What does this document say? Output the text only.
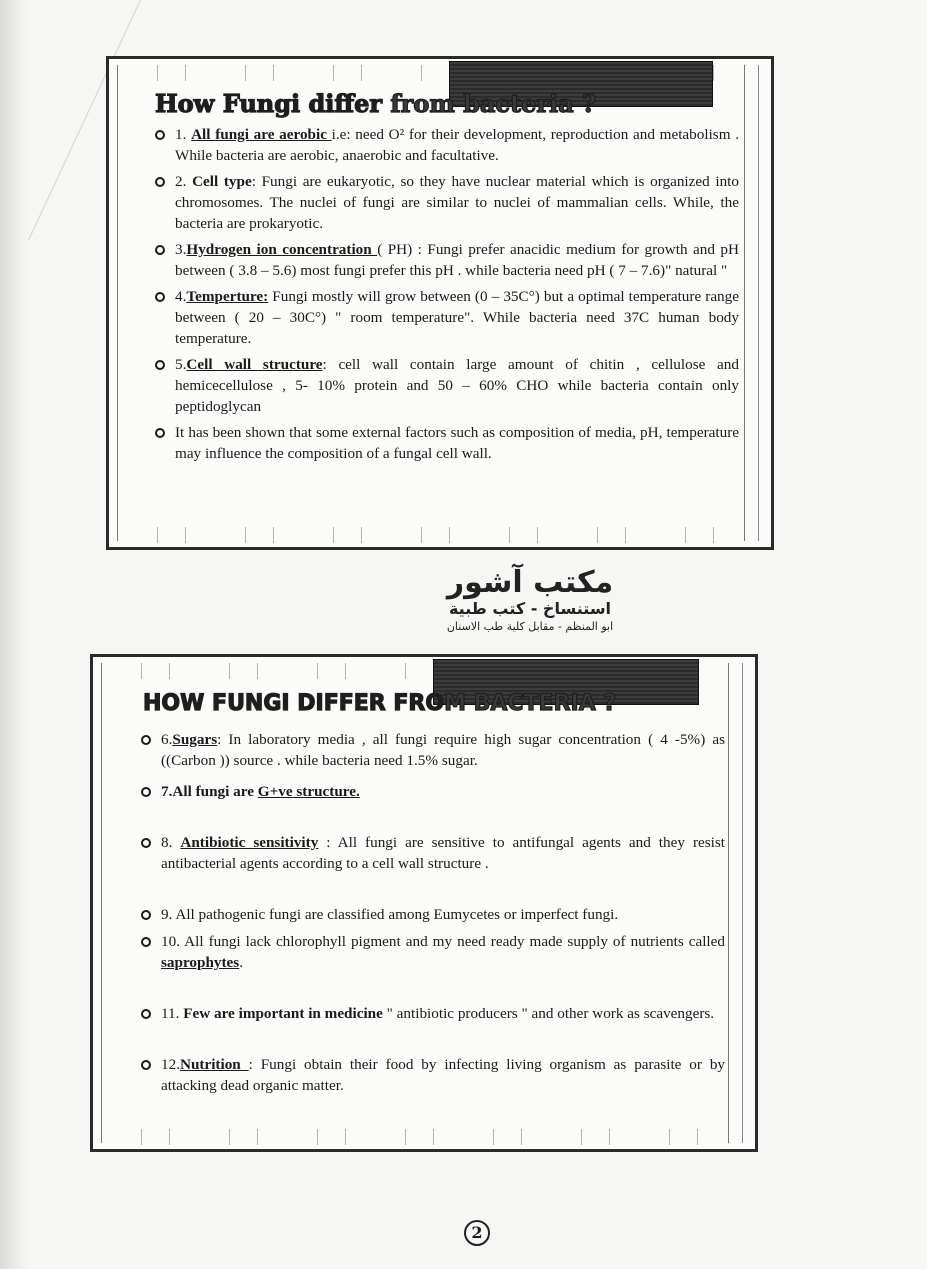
How Fungi differ from bacteria ?
1. All fungi are aerobic i.e: need O² for their development, reproduction and metabolism . While bacteria are aerobic, anaerobic and facultative.
2. Cell type: Fungi are eukaryotic, so they have nuclear material which is organized into chromosomes. The nuclei of fungi are similar to nuclei of mammalian cells. While, the bacteria are prokaryotic.
3.Hydrogen ion concentration ( PH) : Fungi prefer anacidic medium for growth and pH between ( 3.8 – 5.6) most fungi prefer this pH . while bacteria need pH ( 7 – 7.6)" natural "
4.Temperture: Fungi mostly will grow between (0 – 35C°) but a optimal temperature range between ( 20 – 30C°) " room temperature". While bacteria need 37C human body temperature.
5.Cell wall structure: cell wall contain large amount of chitin , cellulose and hemicecellulose , 5- 10% protein and 50 – 60% CHO while bacteria contain only peptidoglycan
It has been shown that some external factors such as composition of media, pH, temperature may influence the composition of a fungal cell wall.
مكتب آشور
استنساخ - كتب طبية
ابو المنظم - مقابل كلية طب الاسنان
HOW FUNGI DIFFER FROM BACTERIA ?
6.Sugars: In laboratory media , all fungi require high sugar concentration ( 4 -5%) as ((Carbon )) source . while bacteria need 1.5% sugar.
7.All fungi are G+ve structure.
8. Antibiotic sensitivity : All fungi are sensitive to antifungal agents and they resist antibacterial agents according to a cell wall structure .
9. All pathogenic fungi are classified among Eumycetes or imperfect fungi.
10. All fungi lack chlorophyll pigment and my need ready made supply of nutrients called saprophytes.
11. Few are important in medicine " antibiotic producers " and other work as scavengers.
12.Nutrition : Fungi obtain their food by infecting living organism as parasite or by attacking dead organic matter.
2
